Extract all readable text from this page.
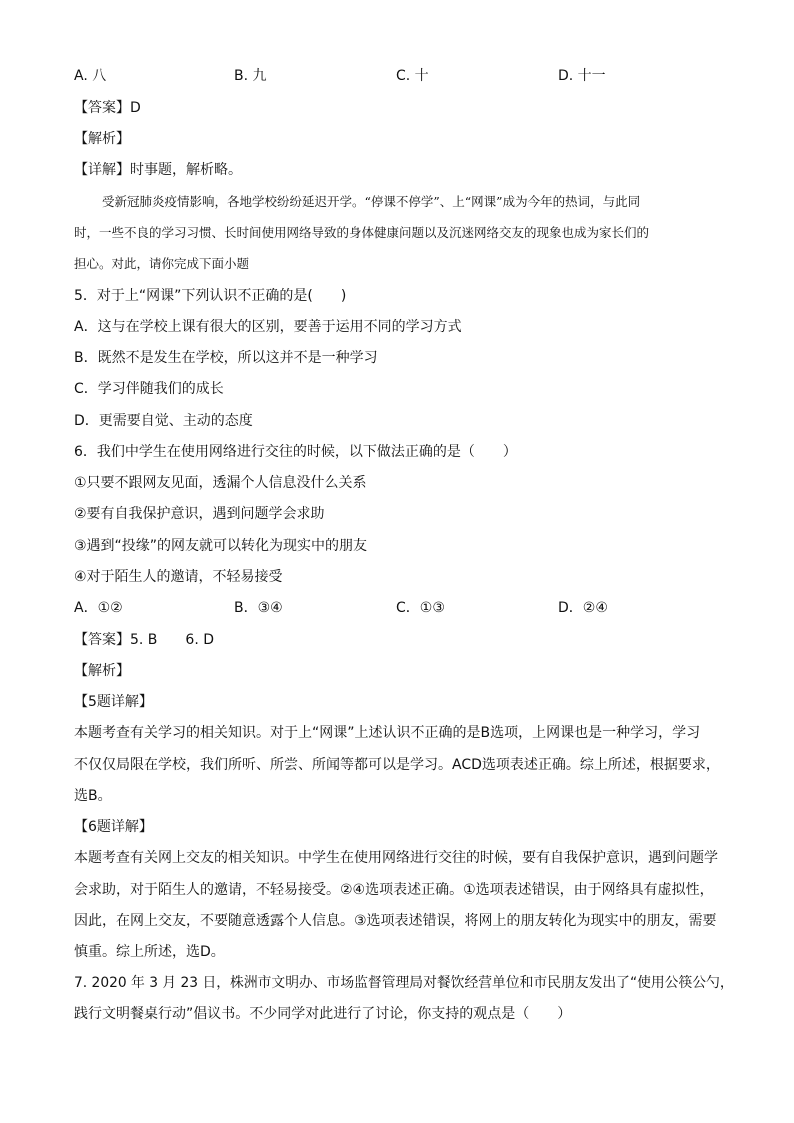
A. 八	B. 九	C. 十	D. 十一
【答案】D
【解析】
【详解】时事题，解析略。
受新冠肺炎疫情影响，各地学校纷纷延迟开学。“停课不停学”、上“网课”成为今年的热词，与此同
时，一些不良的学习习惯、长时间使用网络导致的身体健康问题以及沉迷网络交友的现象也成为家长们的
担心。对此，请你完成下面小题
5．对于上“网课”下列认识不正确的是(　　)
A．这与在学校上课有很大的区别，要善于运用不同的学习方式
B．既然不是发生在学校，所以这并不是一种学习
C．学习伴随我们的成长
D．更需要自觉、主动的态度
6．我们中学生在使用网络进行交往的时候，以下做法正确的是（　　）
①只要不跟网友见面，透漏个人信息没什么关系
②要有自我保护意识，遇到问题学会求助
③遇到“投缘”的网友就可以转化为现实中的朋友
④对于陌生人的邀请，不轻易接受
A．①②	B．③④	C．①③	D．②④
【答案】5. B　　6. D
【解析】
【5题详解】
本题考查有关学习的相关知识。对于上“网课”上述认识不正确的是B选项，上网课也是一种学习，学习
不仅仅局限在学校，我们所听、所尝、所闻等都可以是学习。ACD选项表述正确。综上所述，根据要求，
选B。
【6题详解】
本题考查有关网上交友的相关知识。中学生在使用网络进行交往的时候，要有自我保护意识，遇到问题学
会求助，对于陌生人的邀请，不轻易接受。②④选项表述正确。①选项表述错误，由于网络具有虚拟性，
因此，在网上交友，不要随意透露个人信息。③选项表述错误，将网上的朋友转化为现实中的朋友，需要
慎重。综上所述，选D。
7. 2020 年 3 月 23 日，株洲市文明办、市场监督管理局对餐饮经营单位和市民朋友发出了“使用公筷公勺，
践行文明餐桌行动”倡议书。不少同学对此进行了讨论，你支持的观点是（　　）
